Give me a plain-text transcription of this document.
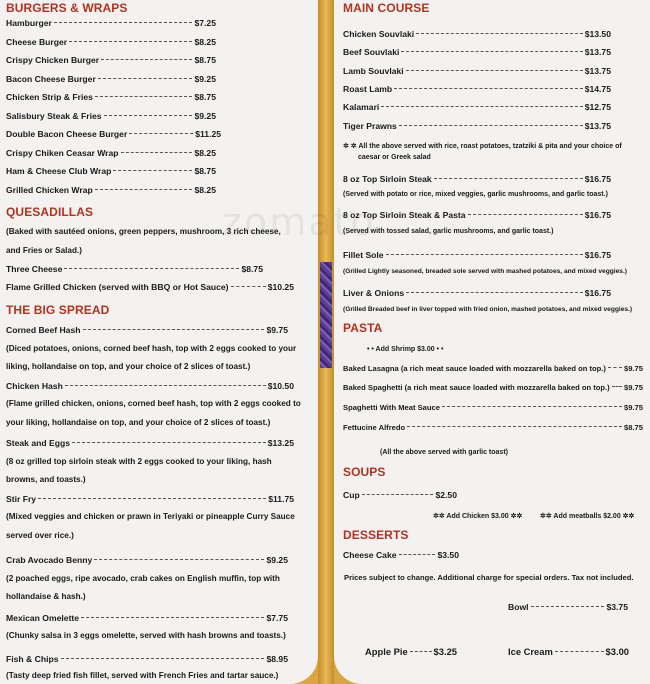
zomato
BURGERS & WRAPS
Hamburger	$7.25
Cheese Burger	$8.25
Crispy Chicken Burger	$8.75
Bacon Cheese Burger	$9.25
Chicken Strip & Fries	$8.75
Salisbury Steak & Fries	$9.25
Double Bacon Cheese Burger	$11.25
Crispy Chiken Ceasar Wrap	$8.25
Ham & Cheese Club Wrap	$8.75
Grilled Chicken Wrap	$8.25
QUESADILLAS
(Baked with sautéed onions, green peppers, mushroom, 3 rich cheese,
and Fries or Salad.)
Three Cheese	$8.75
Flame Grilled Chicken (served with BBQ or Hot Sauce)	$10.25
THE BIG SPREAD
Corned Beef Hash	$9.75
(Diced potatoes, onions, corned beef hash, top with 2 eggs cooked to your
liking, hollandaise on top, and your choice of 2 slices of toast.)
Chicken Hash	$10.50
(Flame grilled chicken, onions, corned beef hash, top with 2 eggs cooked to
your liking, hollandaise on top, and your choice of 2 slices of toast.)
Steak and Eggs	$13.25
(8 oz grilled top sirloin steak with 2 eggs cooked to your liking, hash
browns, and toasts.)
Stir Fry	$11.75
(Mixed veggies and chicken or prawn in Teriyaki or pineapple Curry Sauce
served over rice.)
Crab Avocado Benny	$9.25
(2 poached eggs, ripe avocado, crab cakes on English muffin, top with
hollandaise & hash.)
Mexican Omelette	$7.75
(Chunky salsa in 3 eggs omelette, served with hash browns and toasts.)
Fish & Chips	$8.95
(Tasty deep fried fish fillet, served with French Fries and tartar sauce.)
MAIN COURSE
Chicken Souvlaki	$13.50
Beef Souvlaki	$13.75
Lamb Souvlaki	$13.75
Roast Lamb	$14.75
Kalamari	$12.75
Tiger Prawns	$13.75
✲ ✲ All the above served with rice, roast potatoes, tzatziki & pita and your choice of
caesar or Greek salad
8 oz Top Sirloin Steak	$16.75
(Served with potato or rice, mixed veggies, garlic mushrooms, and garlic toast.)
8 oz Top Sirloin Steak & Pasta	$16.75
(Served with tossed salad, garlic mushrooms, and garlic toast.)
Fillet Sole	$16.75
(Grilled Lightly seasoned, breaded sole served with mashed potatoes, and mixed veggies.)
Liver & Onions	$16.75
(Grilled Breaded beef in liver topped with fried onion, mashed potatoes, and mixed veggies.)
PASTA
• • Add Shrimp $3.00 • •
Baked Lasagna (a rich meat sauce loaded with mozzarella baked on top.) $9.75
Baked Spaghetti (a rich meat sauce loaded with mozzarella baked on top.) $9.75
Spaghetti With Meat Sauce	$9.75
Fettucine Alfredo	$8.75
(All the above served with garlic toast)
SOUPS
Cup	$2.50
✲✲ Add Chicken $3.00 ✲✲	✲✲ Add meatballs $2.00 ✲✲
Bowl	$3.75
DESSERTS
Cheese Cake	$3.50
Prices subject to change. Additional charge for special orders. Tax not included.
Apple Pie	$3.25	Ice Cream	$3.00
